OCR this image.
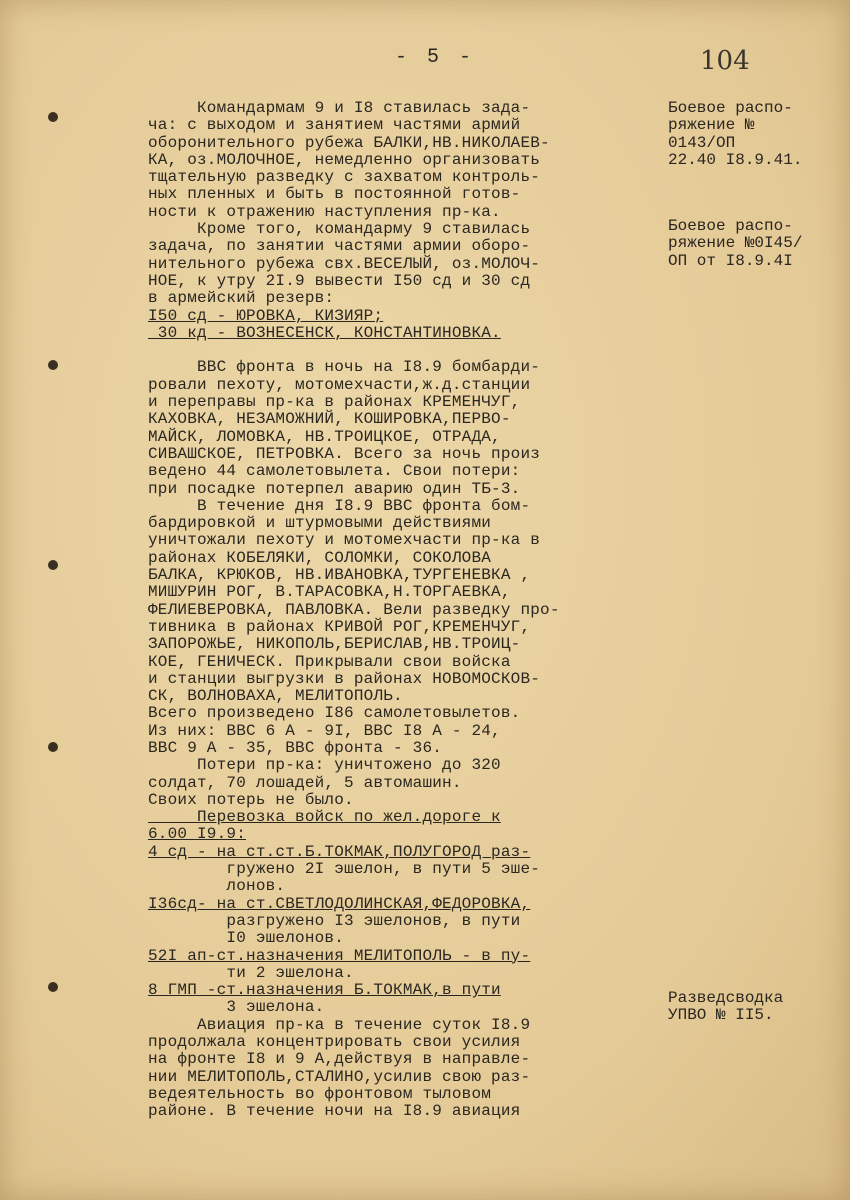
- 5 -	104
Командармам 9 и I8 ставилась зада-
ча: с выходом и занятием частями армий
оборонительного рубежа БАЛКИ,НВ.НИКОЛАЕВ-
КА, оз.МОЛОЧНОЕ, немедленно организовать
тщательную разведку с захватом контроль-
ных пленных и быть в постоянной готов-
ности к отражению наступления пр-ка.
Кроме того, командарму 9 ставилась
задача, по занятии частями армии оборо-
нительного рубежа свх.ВЕСЕЛЫЙ, оз.МОЛОЧ-
НОЕ, к утру 2I.9 вывести I50 сд и 30 сд
в армейский резерв:
I50 сд - ЮРОВКА, КИЗИЯР;
30 кд - ВОЗНЕСЕНСК, КОНСТАНТИНОВКА.

ВВС фронта в ночь на I8.9 бомбарди-
ровали пехоту, мотомехчасти,ж.д.станции
и переправы пр-ка в районах КРЕМЕНЧУГ,
КАХОВКА, НЕЗАМОЖНИЙ, КОШИРОВКА,ПЕРВО-
МАЙСК, ЛОМОВКА, НВ.ТРОИЦКОЕ, ОТРАДА,
СИВАШСКОЕ, ПЕТРОВКА. Всего за ночь произ
ведено 44 самолетовылета. Свои потери:
при посадке потерпел аварию один ТБ-3.
В течение дня I8.9 ВВС фронта бом-
бардировкой и штурмовыми действиями
уничтожали пехоту и мотомехчасти пр-ка в
районах КОБЕЛЯКИ, СОЛОМКИ, СОКОЛОВА
БАЛКА, КРЮКОВ, НВ.ИВАНОВКА,ТУРГЕНЕВКА ,
МИШУРИН РОГ, В.ТАРАСОВКА,Н.ТОРГАЕВКА,
ФЕЛИЕВЕРОВКА, ПАВЛОВКА. Вели разведку про-
тивника в районах КРИВОЙ РОГ,КРЕМЕНЧУГ,
ЗАПОРОЖЬЕ, НИКОПОЛЬ,БЕРИСЛАВ,НВ.ТРОИЦ-
КОЕ, ГЕНИЧЕСК. Прикрывали свои войска
и станции выгрузки в районах НОВОМОСКОВ-
СК, ВОЛНОВАХА, МЕЛИТОПОЛЬ.
Всего произведено I86 самолетовылетов.
Из них: ВВС 6 А - 9I, ВВС I8 А - 24,
ВВС 9 А - 35, ВВС фронта - 36.
Потери пр-ка: уничтожено до 320
солдат, 70 лошадей, 5 автомашин.
Своих потерь не было.
Перевозка войск по жел.дороге к
6.00 I9.9:
4 сд - на ст.ст.Б.ТОКМАК,ПОЛУГОРОД раз-
гружено 2I эшелон, в пути 5 эше-
лонов.
I36сд- на ст.СВЕТЛОДОЛИНСКАЯ,ФЕДОРОВКА,
разгружено I3 эшелонов, в пути
I0 эшелонов.
52I ап-ст.назначения МЕЛИТОПОЛЬ - в пу-
ти 2 эшелона.
8 ГМП -ст.назначения Б.ТОКМАК,в пути
3 эшелона.
Авиация пр-ка в течение суток I8.9
продолжала концентрировать свои усилия
на фронте I8 и 9 А,действуя в направле-
нии МЕЛИТОПОЛЬ,СТАЛИНО,усилив свою раз-
ведеятельность во фронтовом тыловом
районе. В течение ночи на I8.9 авиация
Боевое распо-
ряжение №
0143/ОП
22.40 I8.9.41.
Боевое распо-
ряжение №0I45/
ОП от I8.9.4I
Разведсводка
УПВО № II5.
